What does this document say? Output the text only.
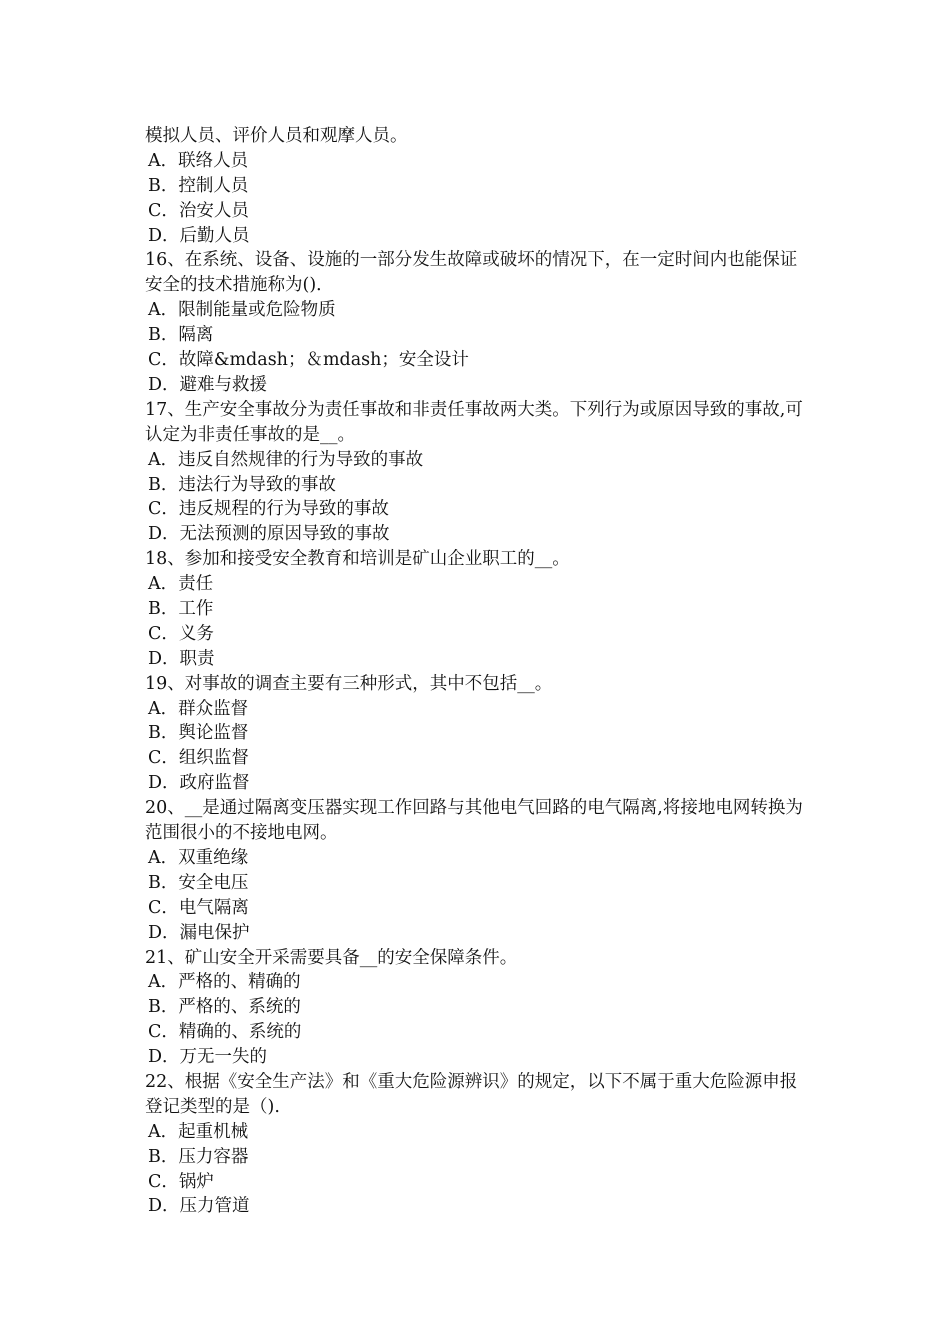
模拟人员、评价人员和观摩人员。
A．联络人员
B．控制人员
C．治安人员
D．后勤人员
16、在系统、设备、设施的一部分发生故障或破坏的情况下，在一定时间内也能保证安全的技术措施称为()．
A．限制能量或危险物质
B．隔离
C．故障&mdash；＆mdash；安全设计
D．避难与救援
17、生产安全事故分为责任事故和非责任事故两大类。下列行为或原因导致的事故,可认定为非责任事故的是__。
A．违反自然规律的行为导致的事故
B．违法行为导致的事故
C．违反规程的行为导致的事故
D．无法预测的原因导致的事故
18、参加和接受安全教育和培训是矿山企业职工的__。
A．责任
B．工作
C．义务
D．职责
19、对事故的调查主要有三种形式，其中不包括__。
A．群众监督
B．舆论监督
C．组织监督
D．政府监督
20、__是通过隔离变压器实现工作回路与其他电气回路的电气隔离,将接地电网转换为范围很小的不接地电网。
A．双重绝缘
B．安全电压
C．电气隔离
D．漏电保护
21、矿山安全开采需要具备__的安全保障条件。
A．严格的、精确的
B．严格的、系统的
C．精确的、系统的
D．万无一失的
22、根据《安全生产法》和《重大危险源辨识》的规定，以下不属于重大危险源申报登记类型的是（).
A．起重机械
B．压力容器
C．锅炉
D．压力管道
